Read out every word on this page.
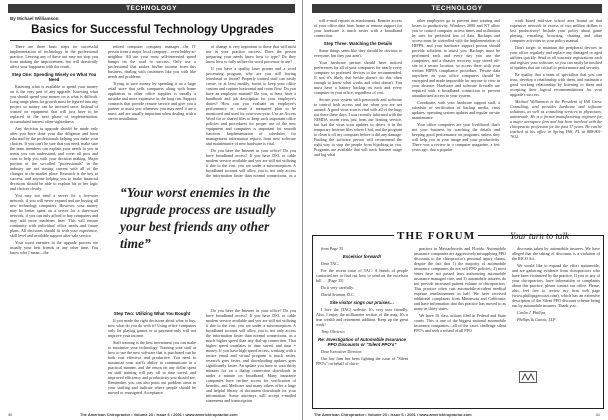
TECHNOLOGY
By Michael Williamson
Basics for Successful Technology Upgrades

There are three basic steps for successful implementation of technology in the professional practice. Leaving any of these out may not stop you from making the improvement, but will drastically affect your happiness with the result.

Step One: Spending Wisely on What You Need

Knowing what is available to spend your money on is the easy part of any upgrade. Knowing what you should spend your money on is what is difficult. Long range plans for growth must be figured into any project so money can be invested once. Instead of wasted on equipment that will just have to be replaced in the next phase of implementation, accumulated interest often-sightedness.

Any decision to upgrade should be made only after you have done your due diligence and been educated by the professionals helping you make your choices. If you can't be sure that you need, make sure the team members can explain your needs to you in terms you can understand, and cover all pros and cons to help you with your decision making. Major portion of the so-called "professionals" in the industry are not staying current with all of the changes in the market place. Research is the key to success, and anyone helping you to make financial decisions should be able to explain his or her logic and choices clearly.

You may not need a server for a five-user network, if you will never expand and are buying all new technology computers. However, your money may be better spent on a server for a three-user network, if you can only afford to buy computers and may add more machines later. This will ensure continuity with individual office needs and future plans. All decisions should fit with your experience, skill level and available support after-sale service.

Your worst enemies in the upgrade process are usually your best friends or any other time. You know who I mean—the

retired computer company manager…the IT person from a major local company…even-hobby-at-neighbor. All are your most self-interested speed bumps on the road to success. Only use a professional that makes his/her income from this business, dealing with customers like you with like needs and problems.

Trying to save money by spending it on a large retail store that sells computers along with home appliances or other office supplies is usually a mistake and more expensive in the long run. Support contracts that provide remote service and give you a partner to assist you whenever you may need it are a must, and are usually important when dealing with a server installation.

of change is very important to those that will most use in your practice success. Does the person preparing your needs know how to type? Do they know how to fully utilize the word processor in use?

If you have a quality laser printer and a word processing program, why are you still buying letterhead or forms? Properly trained staff can easily create, or at least modify, forms to keep your office custom and capture horizontal and room flow. Do you have an employee manual? Do you, at least, have a handbook and job description for your employee's duties? How can you evaluate an employee's performance or create a measured plan to be monitored and used for year-over-year. Use an Access Word for or shared files to keep such important office policies and procedures for proper use of the new equipment and computers is important for smooth function. Implementation of schedules for management information reports from new software and maintenance of new hardware is vital.

Do you have the Internet in your office? Do you have broadband access? If you have DSL or cable modem service available and you are still not utilizing it due to the cost, you are under a misconception. A broadband account will allow you to not only access the information faster than normal connections, as a

“Your worst enemies in the upgrade process are usually your best friends any other time”
Step Two: Utilizing What You Bought

If you made the right decisions about what to buy, now what do you do with it? Using office computers only for playing games or at payment-only will not improve your income.

Staff training is the best investment you can make to maximize your technology. Training your staff at how to use the new software that is purchased can be both cost effective and productive. You need to maximize your staff's ability to communicate in a practical manner, and the return on any dollar spent on staff training will pay off in time saved, and improved efficiency and productivity you should see. Remember, you can also point out problem areas in your staffing and indicate where people should be moved or reassigned. Acceptance

Do you have the Internet in your office? Do you have broadband access? If you have DSL or cable modem service available and you are still not utilizing it due to the cost, you are under a misconception. A broadband account will allow you to not only access the information faster than normal connections, as a much higher speed than any dial-up connection. That higher speed translates to time saved, and time = money. If you have high-speed access, working with a secure email and virtual program is much easier, research goes faster, and downloading updates goes significantly faster. An update you have to wait thirty minutes for on a dialup connection downloads in under a minute on broadband. Many insurance companies have on-line access for verification of benefits, and Medicare and many others offer a large and helpful library of document downloads for your information. Some attorneys will accept e-mailed statements and transcription

40	The American Chiropractor • Volume 23 • Issue 6 • 2001 • www.americhiropractor.com
TECHNOLOGY

will e-mail reports as attachments. Remote access of your office data from home or remote support for your hardware is much easier with a broadband connection.

Step Three: Watching the Details

Some things seem like they should be obvious to everyone, but they just aren't.

Your hardware person should have noticed preferences for all of your computers for nearly every computer so preferred devices to the recommended. If not, it's likely that he/she doesn't do this often enough to know what works and what doesn't. You must have a battery backup on each and every computer in your office, regardless of cost.

Secure your system with passwords and software to control both access and use when you are not around. A good virus scan is vital with all of the bugs out there these days. I was recently informed with the NIMDA worm virus just from our hosting service, but had the virus scan updates to detect it in the temporary Internet files where I hid, and the program to clean it off my computer before it did any damage. Finding the software person will recommend the right way to stop the people from hijacking in you. Programs are available that will track Internet usage and log what

other employees go to prevent time wasting and losses to productivity. Windows 2000 and NT allow you to control computer access times and utilization by user for protected loss of data. Backups and access must be controlled with the implementation of HIPPA, and your hardware support person should provide solutions to assist you. Backups must be performed each and every day you use the computers, and a disaster recovery copy stored off-site in a secure location, so access there with your written HIPPA compliance procedure. Private data anywhere on your office computers should be encrypted and made impossible for anyone to view in your absence. Hardware and software firewalls are required with a broadband connection to prevent unauthorized access to your system.

Coordinate, with your hardware support staff, a schedule of verification of backup media, virus updates, operating system updates and regular on-site maintenance.

Your office computers are your livelihood, that's not your business by watching the details and keeping good performance on programs, unless they will help you in your image and your productivity. There was a review in a computer magazine, a few years ago, that a popular

work based mid-size school area bound on that expensive network in excess of two million dollars is lost productivity! Include your policy about game playing, e-mailing, browsing, chatting and other computer activities in your policy manual.

Don't forget to maintain the peripheral devices in your office regularly and replace any damaged or aged utilities quickly. Send in all warranty registrations each and register your software, so you can easily be notified of updates that are critical to performance and security.

Be quality that a team of specialists that you can trust, develop a relationship with them, and maintain a good working relationship by listening to them and accepting their logical recommendations for your upgrade's success.

Michael Williamson is the President of Hill Grove Consulting, and provides hardware and software solutions, as well as consulting services to physicians, nationwide. He is a former manufacturing engineer for a major aerospace firm and has been involved with the chiropractic profession for the past 17 years. He can be reached at his office in Spring Hill, FL at 888-801-7612.

THE FORUM	Your turn to talk

from Page 35

Excelsior forward!

Dear TAC,

For the recent issue of TAC: A bunch of people contacted me to find out how to send on the excelsior bill … [Page 35]

Do it very carefully.

David Seaman, D.C.

Site visitor sings our praises…

I love the [TAC] website. It's very user friendly. Also, I enjoy the millionaire section of the mag. It's a true wealth and retirement addition. Keep up the great work!

Tony Olivierio

Re: Investigation of Automobile Insurance PPO Discounts or "Silent PPO's"

Dear Executive Director:

Our law firm has been fighting the issue of "Silent PPO's" on behalf of chiro-

practors in Massachusetts and Florida. Automobile insurance companies are aggressively misapplying PPO discounts to the chiropractor's personal injury claims, despite the fact that 1) the majority of automobile insurance companies do not sell PPO policies; 2) most states have not passed laws authorizing automobile insurance managed care, and 3) automobile insurers do not provide increased patient volume to chiropractors. This practice often cuts automobile-accident medical expense reimbursement in half. We have received additional complaints from Minnesota and California, and have information that this practice has moved to as many as thirty states.

We have 16 class actions filed in Federal and State courts. This is one of the biggest national automobile insurance companies—all of the cases challenge silent PPO's and seek a refund of all PPO

discounts taken by automobile insurers. We have alleged that the taking of discounts is a violation of the RICO Act.

We would like to expand the effort nationwide, and are gathering evidence from chiropractors who have been victimized by the practice. If you or any of your chiropractors, have information or complaints about this practice, please contact our office. Please, also, feel free to review my firm web page (www.phillipsgercozzi.com), which has an extensive description of the Silent PPO discount scheme being run by automobile insurers. Thank you.

Carlin J. Phillips

Phillips & Garcia, LLP

The American Chiropractor • Volume 23 • Issue 6 • 2001 • www.americhiropractor.com	41
